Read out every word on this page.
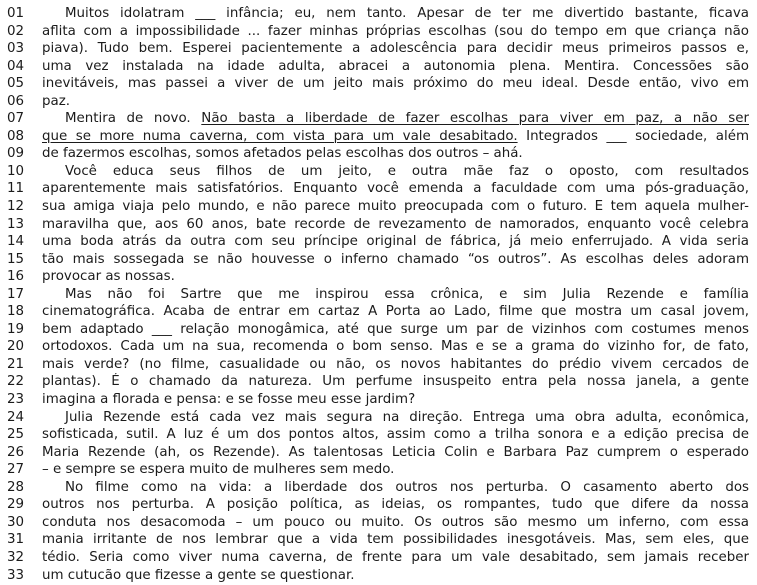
01	Muitos idolatram ___ infância; eu, nem tanto. Apesar de ter me divertido bastante, ficava
02	aflita com a impossibilidade ... fazer minhas próprias escolhas (sou do tempo em que criança não
03	piava). Tudo bem. Esperei pacientemente a adolescência para decidir meus primeiros passos e,
04	uma vez instalada na idade adulta, abracei a autonomia plena. Mentira. Concessões são
05	inevitáveis, mas passei a viver de um jeito mais próximo do meu ideal. Desde então, vivo em
06	paz.
07	Mentira de novo. Não basta a liberdade de fazer escolhas para viver em paz, a não ser
08	que se more numa caverna, com vista para um vale desabitado. Integrados ___ sociedade, além
09	de fazermos escolhas, somos afetados pelas escolhas dos outros – ahá.
10	Você educa seus filhos de um jeito, e outra mãe faz o oposto, com resultados
11	aparentemente mais satisfatórios. Enquanto você emenda a faculdade com uma pós-graduação,
12	sua amiga viaja pelo mundo, e não parece muito preocupada com o futuro. E tem aquela mulher-
13	maravilha que, aos 60 anos, bate recorde de revezamento de namorados, enquanto você celebra
14	uma boda atrás da outra com seu príncipe original de fábrica, já meio enferrujado. A vida seria
15	tão mais sossegada se não houvesse o inferno chamado “os outros”. As escolhas deles adoram
16	provocar as nossas.
17	Mas não foi Sartre que me inspirou essa crônica, e sim Julia Rezende e família
18	cinematográfica. Acaba de entrar em cartaz A Porta ao Lado, filme que mostra um casal jovem,
19	bem adaptado ___ relação monogâmica, até que surge um par de vizinhos com costumes menos
20	ortodoxos. Cada um na sua, recomenda o bom senso. Mas e se a grama do vizinho for, de fato,
21	mais verde? (no filme, casualidade ou não, os novos habitantes do prédio vivem cercados de
22	plantas). É o chamado da natureza. Um perfume insuspeito entra pela nossa janela, a gente
23	imagina a florada e pensa: e se fosse meu esse jardim?
24	Julia Rezende está cada vez mais segura na direção. Entrega uma obra adulta, econômica,
25	sofisticada, sutil. A luz é um dos pontos altos, assim como a trilha sonora e a edição precisa de
26	Maria Rezende (ah, os Rezende). As talentosas Leticia Colin e Barbara Paz cumprem o esperado
27	– e sempre se espera muito de mulheres sem medo.
28	No filme como na vida: a liberdade dos outros nos perturba. O casamento aberto dos
29	outros nos perturba. A posição política, as ideias, os rompantes, tudo que difere da nossa
30	conduta nos desacomoda – um pouco ou muito. Os outros são mesmo um inferno, com essa
31	mania irritante de nos lembrar que a vida tem possibilidades inesgotáveis. Mas, sem eles, que
32	tédio. Seria como viver numa caverna, de frente para um vale desabitado, sem jamais receber
33	um cutucão que fizesse a gente se questionar.
